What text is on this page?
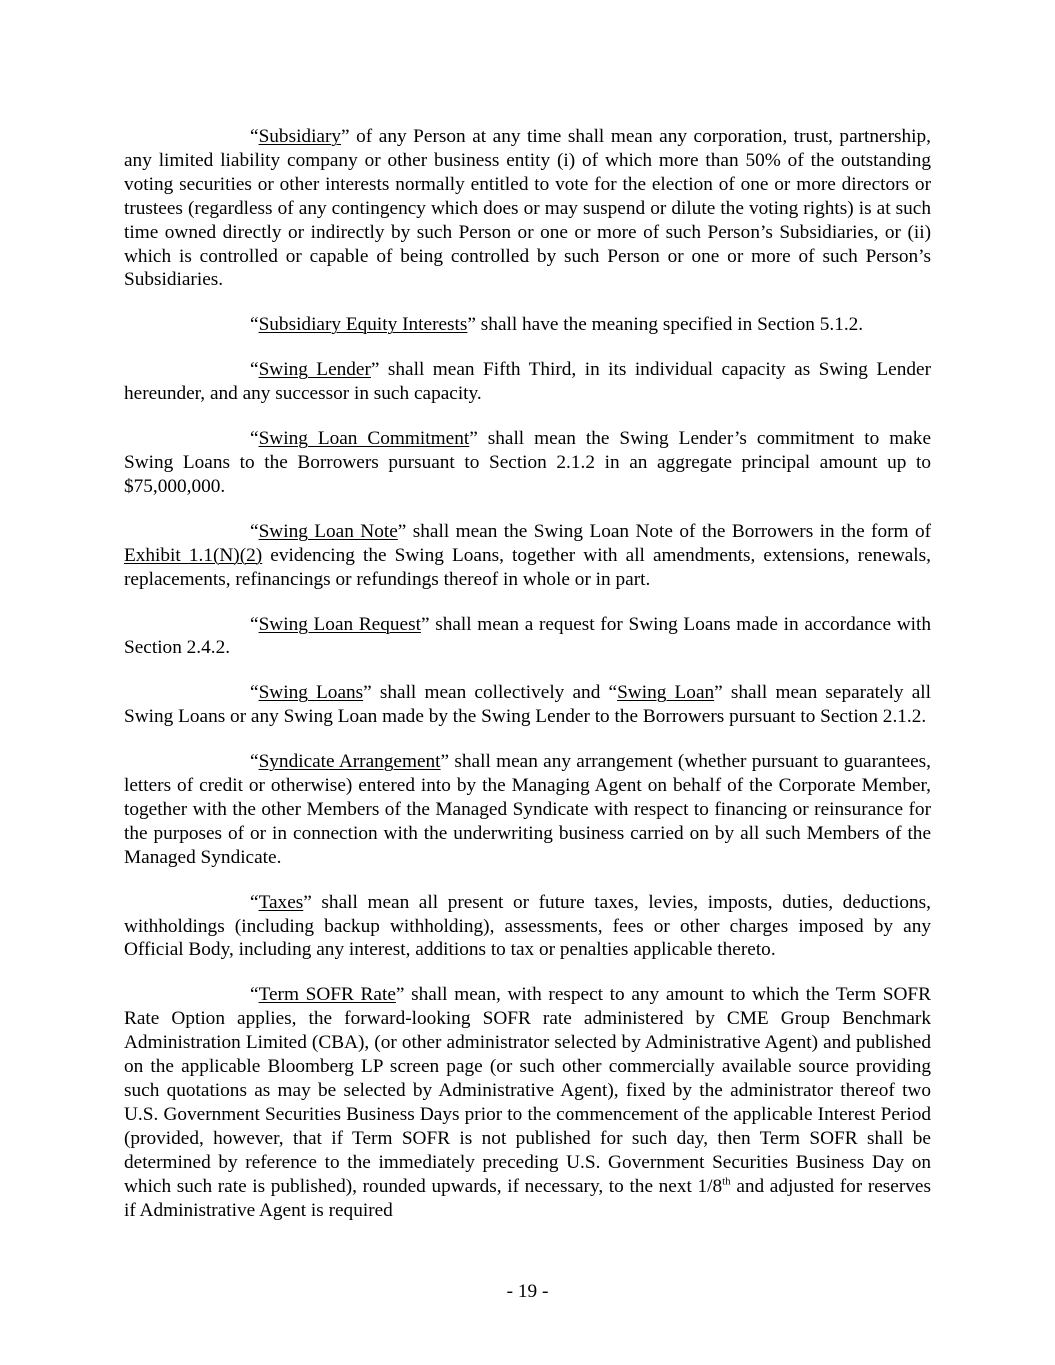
“Subsidiary” of any Person at any time shall mean any corporation, trust, partnership, any limited liability company or other business entity (i) of which more than 50% of the outstanding voting securities or other interests normally entitled to vote for the election of one or more directors or trustees (regardless of any contingency which does or may suspend or dilute the voting rights) is at such time owned directly or indirectly by such Person or one or more of such Person’s Subsidiaries, or (ii) which is controlled or capable of being controlled by such Person or one or more of such Person’s Subsidiaries.

“Subsidiary Equity Interests” shall have the meaning specified in Section 5.1.2.

“Swing Lender” shall mean Fifth Third, in its individual capacity as Swing Lender hereunder, and any successor in such capacity.

“Swing Loan Commitment” shall mean the Swing Lender’s commitment to make Swing Loans to the Borrowers pursuant to Section 2.1.2 in an aggregate principal amount up to $75,000,000.

“Swing Loan Note” shall mean the Swing Loan Note of the Borrowers in the form of Exhibit 1.1(N)(2) evidencing the Swing Loans, together with all amendments, extensions, renewals, replacements, refinancings or refundings thereof in whole or in part.

“Swing Loan Request” shall mean a request for Swing Loans made in accordance with Section 2.4.2.

“Swing Loans” shall mean collectively and “Swing Loan” shall mean separately all Swing Loans or any Swing Loan made by the Swing Lender to the Borrowers pursuant to Section 2.1.2.

“Syndicate Arrangement” shall mean any arrangement (whether pursuant to guarantees, letters of credit or otherwise) entered into by the Managing Agent on behalf of the Corporate Member, together with the other Members of the Managed Syndicate with respect to financing or reinsurance for the purposes of or in connection with the underwriting business carried on by all such Members of the Managed Syndicate.

“Taxes” shall mean all present or future taxes, levies, imposts, duties, deductions, withholdings (including backup withholding), assessments, fees or other charges imposed by any Official Body, including any interest, additions to tax or penalties applicable thereto.

“Term SOFR Rate” shall mean, with respect to any amount to which the Term SOFR Rate Option applies, the forward-looking SOFR rate administered by CME Group Benchmark Administration Limited (CBA), (or other administrator selected by Administrative Agent) and published on the applicable Bloomberg LP screen page (or such other commercially available source providing such quotations as may be selected by Administrative Agent), fixed by the administrator thereof two U.S. Government Securities Business Days prior to the commencement of the applicable Interest Period (provided, however, that if Term SOFR is not published for such day, then Term SOFR shall be determined by reference to the immediately preceding U.S. Government Securities Business Day on which such rate is published), rounded upwards, if necessary, to the next 1/8th and adjusted for reserves if Administrative Agent is required

- 19 -
